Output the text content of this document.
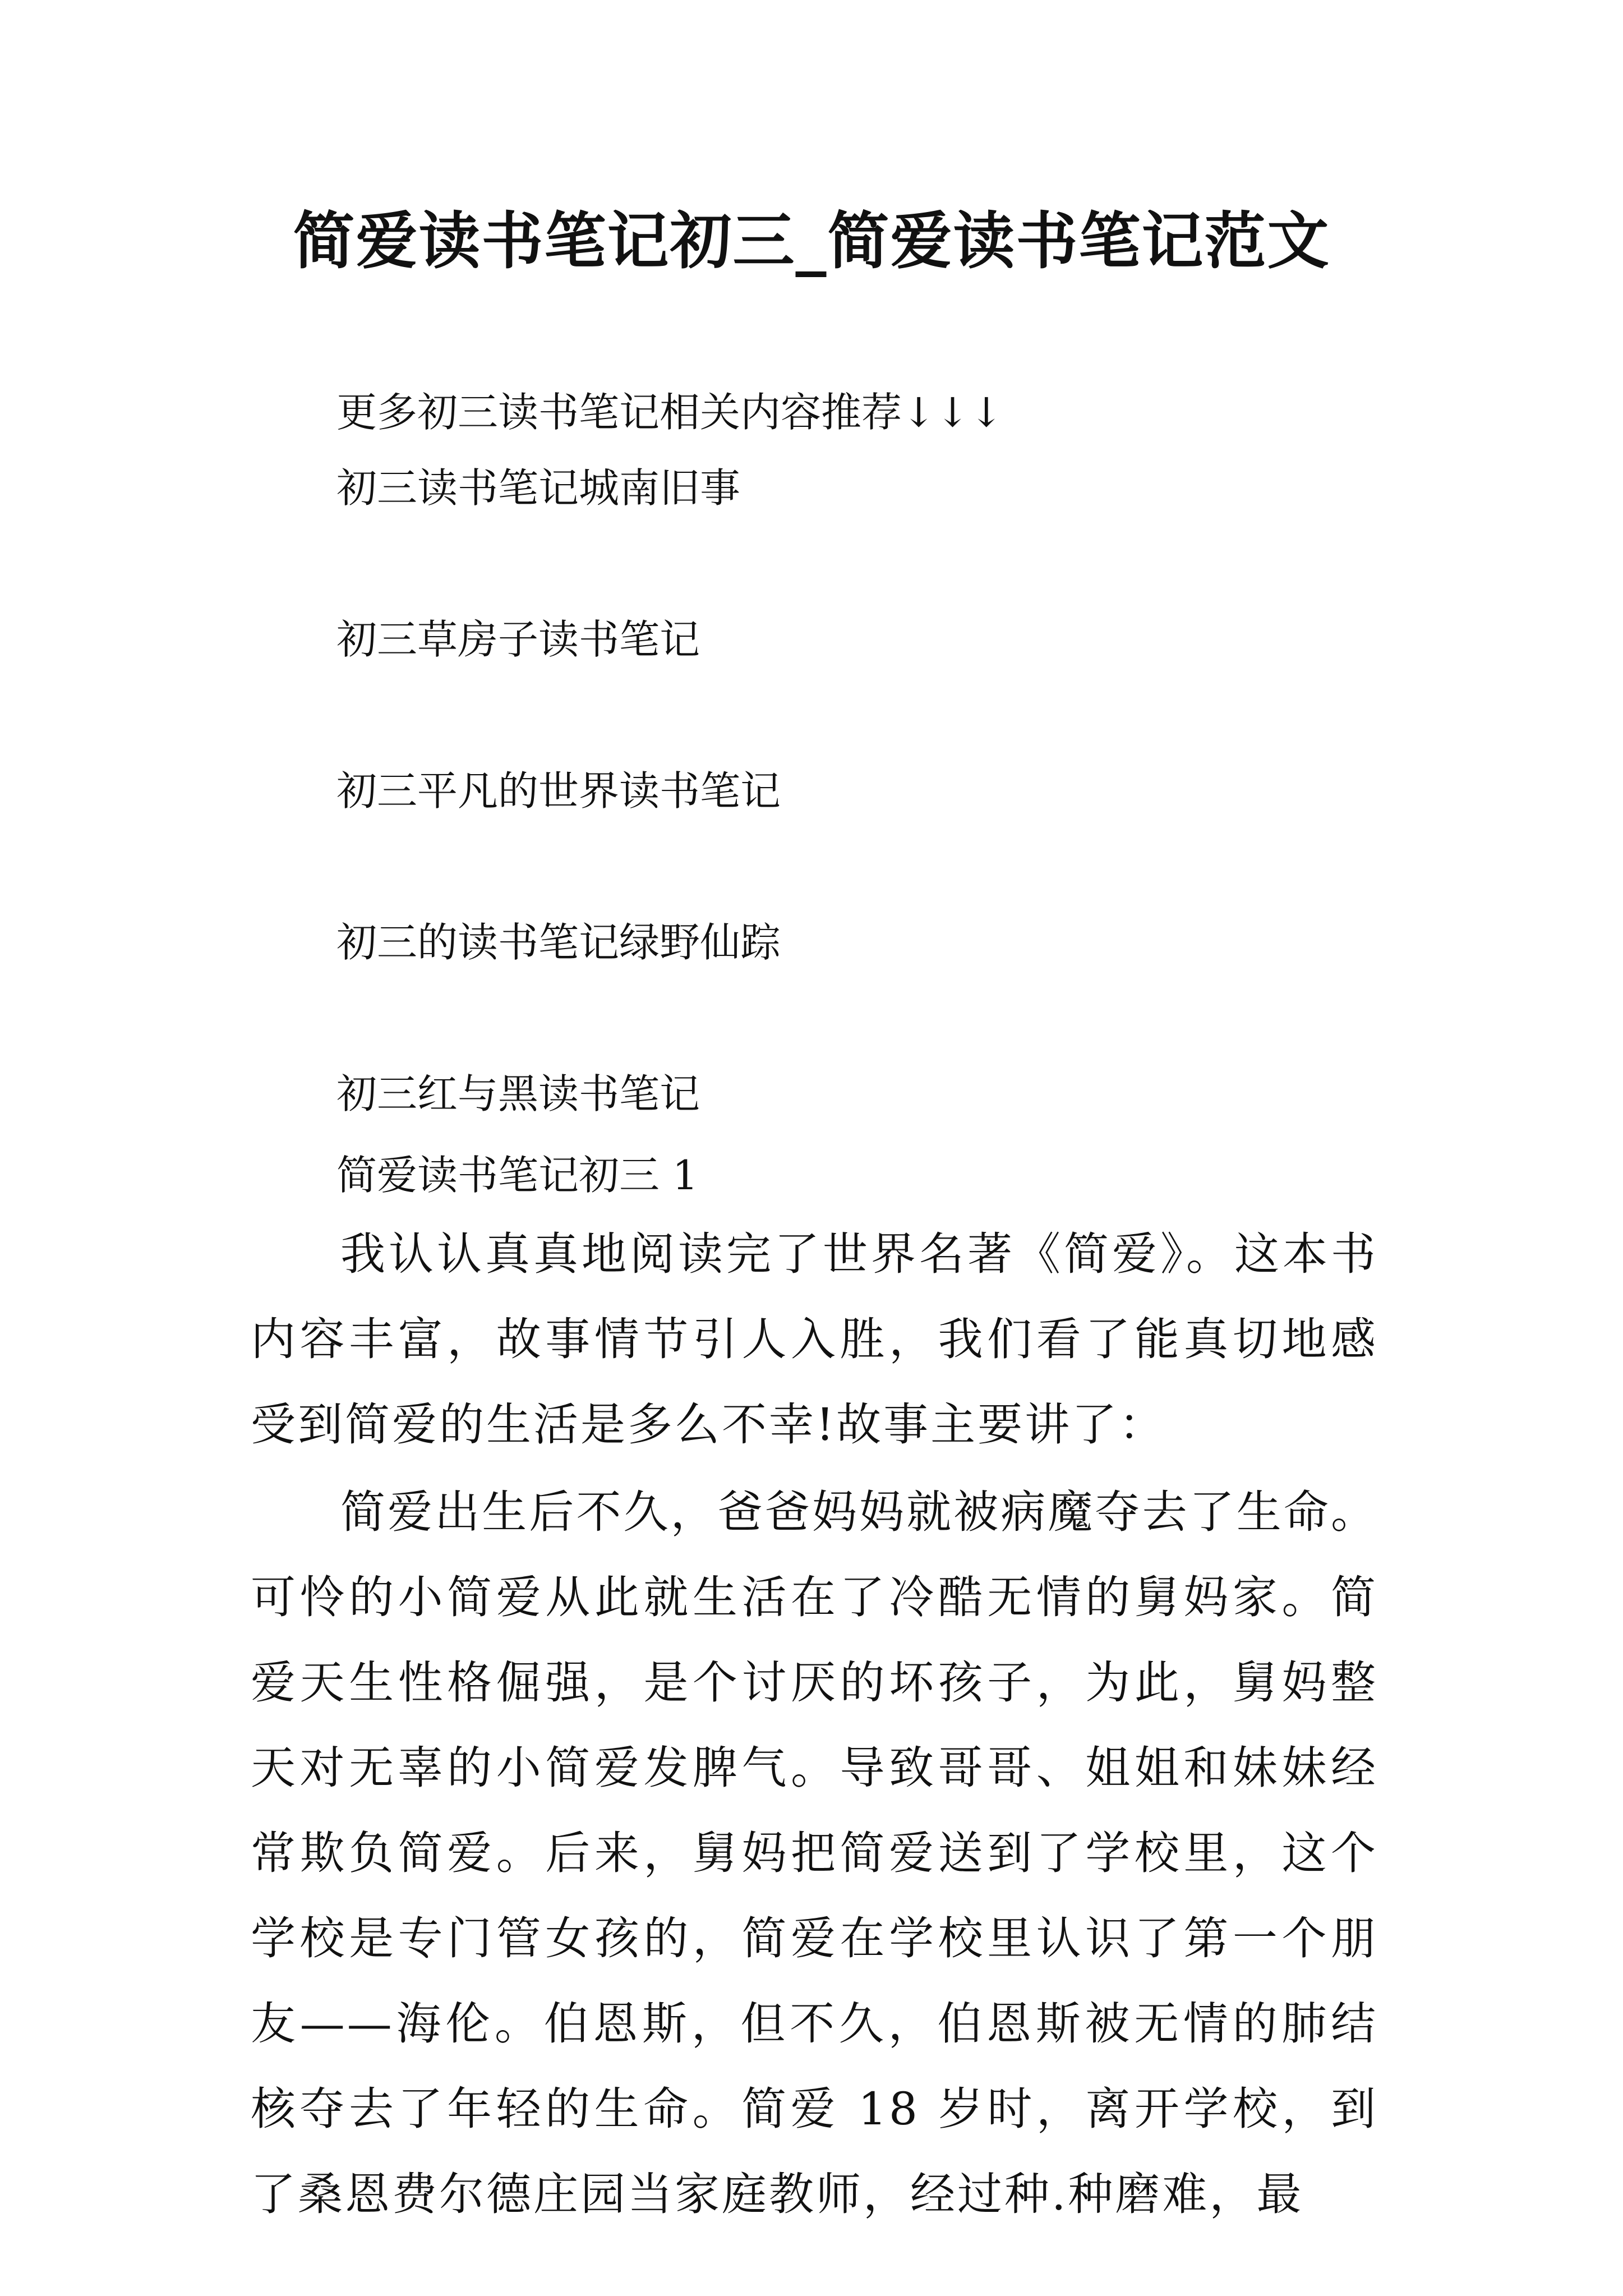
简爱读书笔记初三_简爱读书笔记范文
更多初三读书笔记相关内容推荐↓↓↓
初三读书笔记城南旧事
初三草房子读书笔记
初三平凡的世界读书笔记
初三的读书笔记绿野仙踪
初三红与黑读书笔记
简爱读书笔记初三 1

我认认真真地阅读完了世界名著《简爱》。这本书内容丰富，故事情节引人入胜，我们看了能真切地感受到简爱的生活是多么不幸!故事主要讲了：

简爱出生后不久，爸爸妈妈就被病魔夺去了生命。可怜的小简爱从此就生活在了冷酷无情的舅妈家。简爱天生性格倔强，是个讨厌的坏孩子，为此，舅妈整天对无辜的小简爱发脾气。导致哥哥、姐姐和妹妹经常欺负简爱。后来，舅妈把简爱送到了学校里，这个学校是专门管女孩的，简爱在学校里认识了第一个朋友——海伦。伯恩斯，但不久，伯恩斯被无情的肺结核夺去了年轻的生命。简爱 18 岁时，离开学校，到了桑恩费尔德庄园当家庭教师，经过种.种磨难，最
